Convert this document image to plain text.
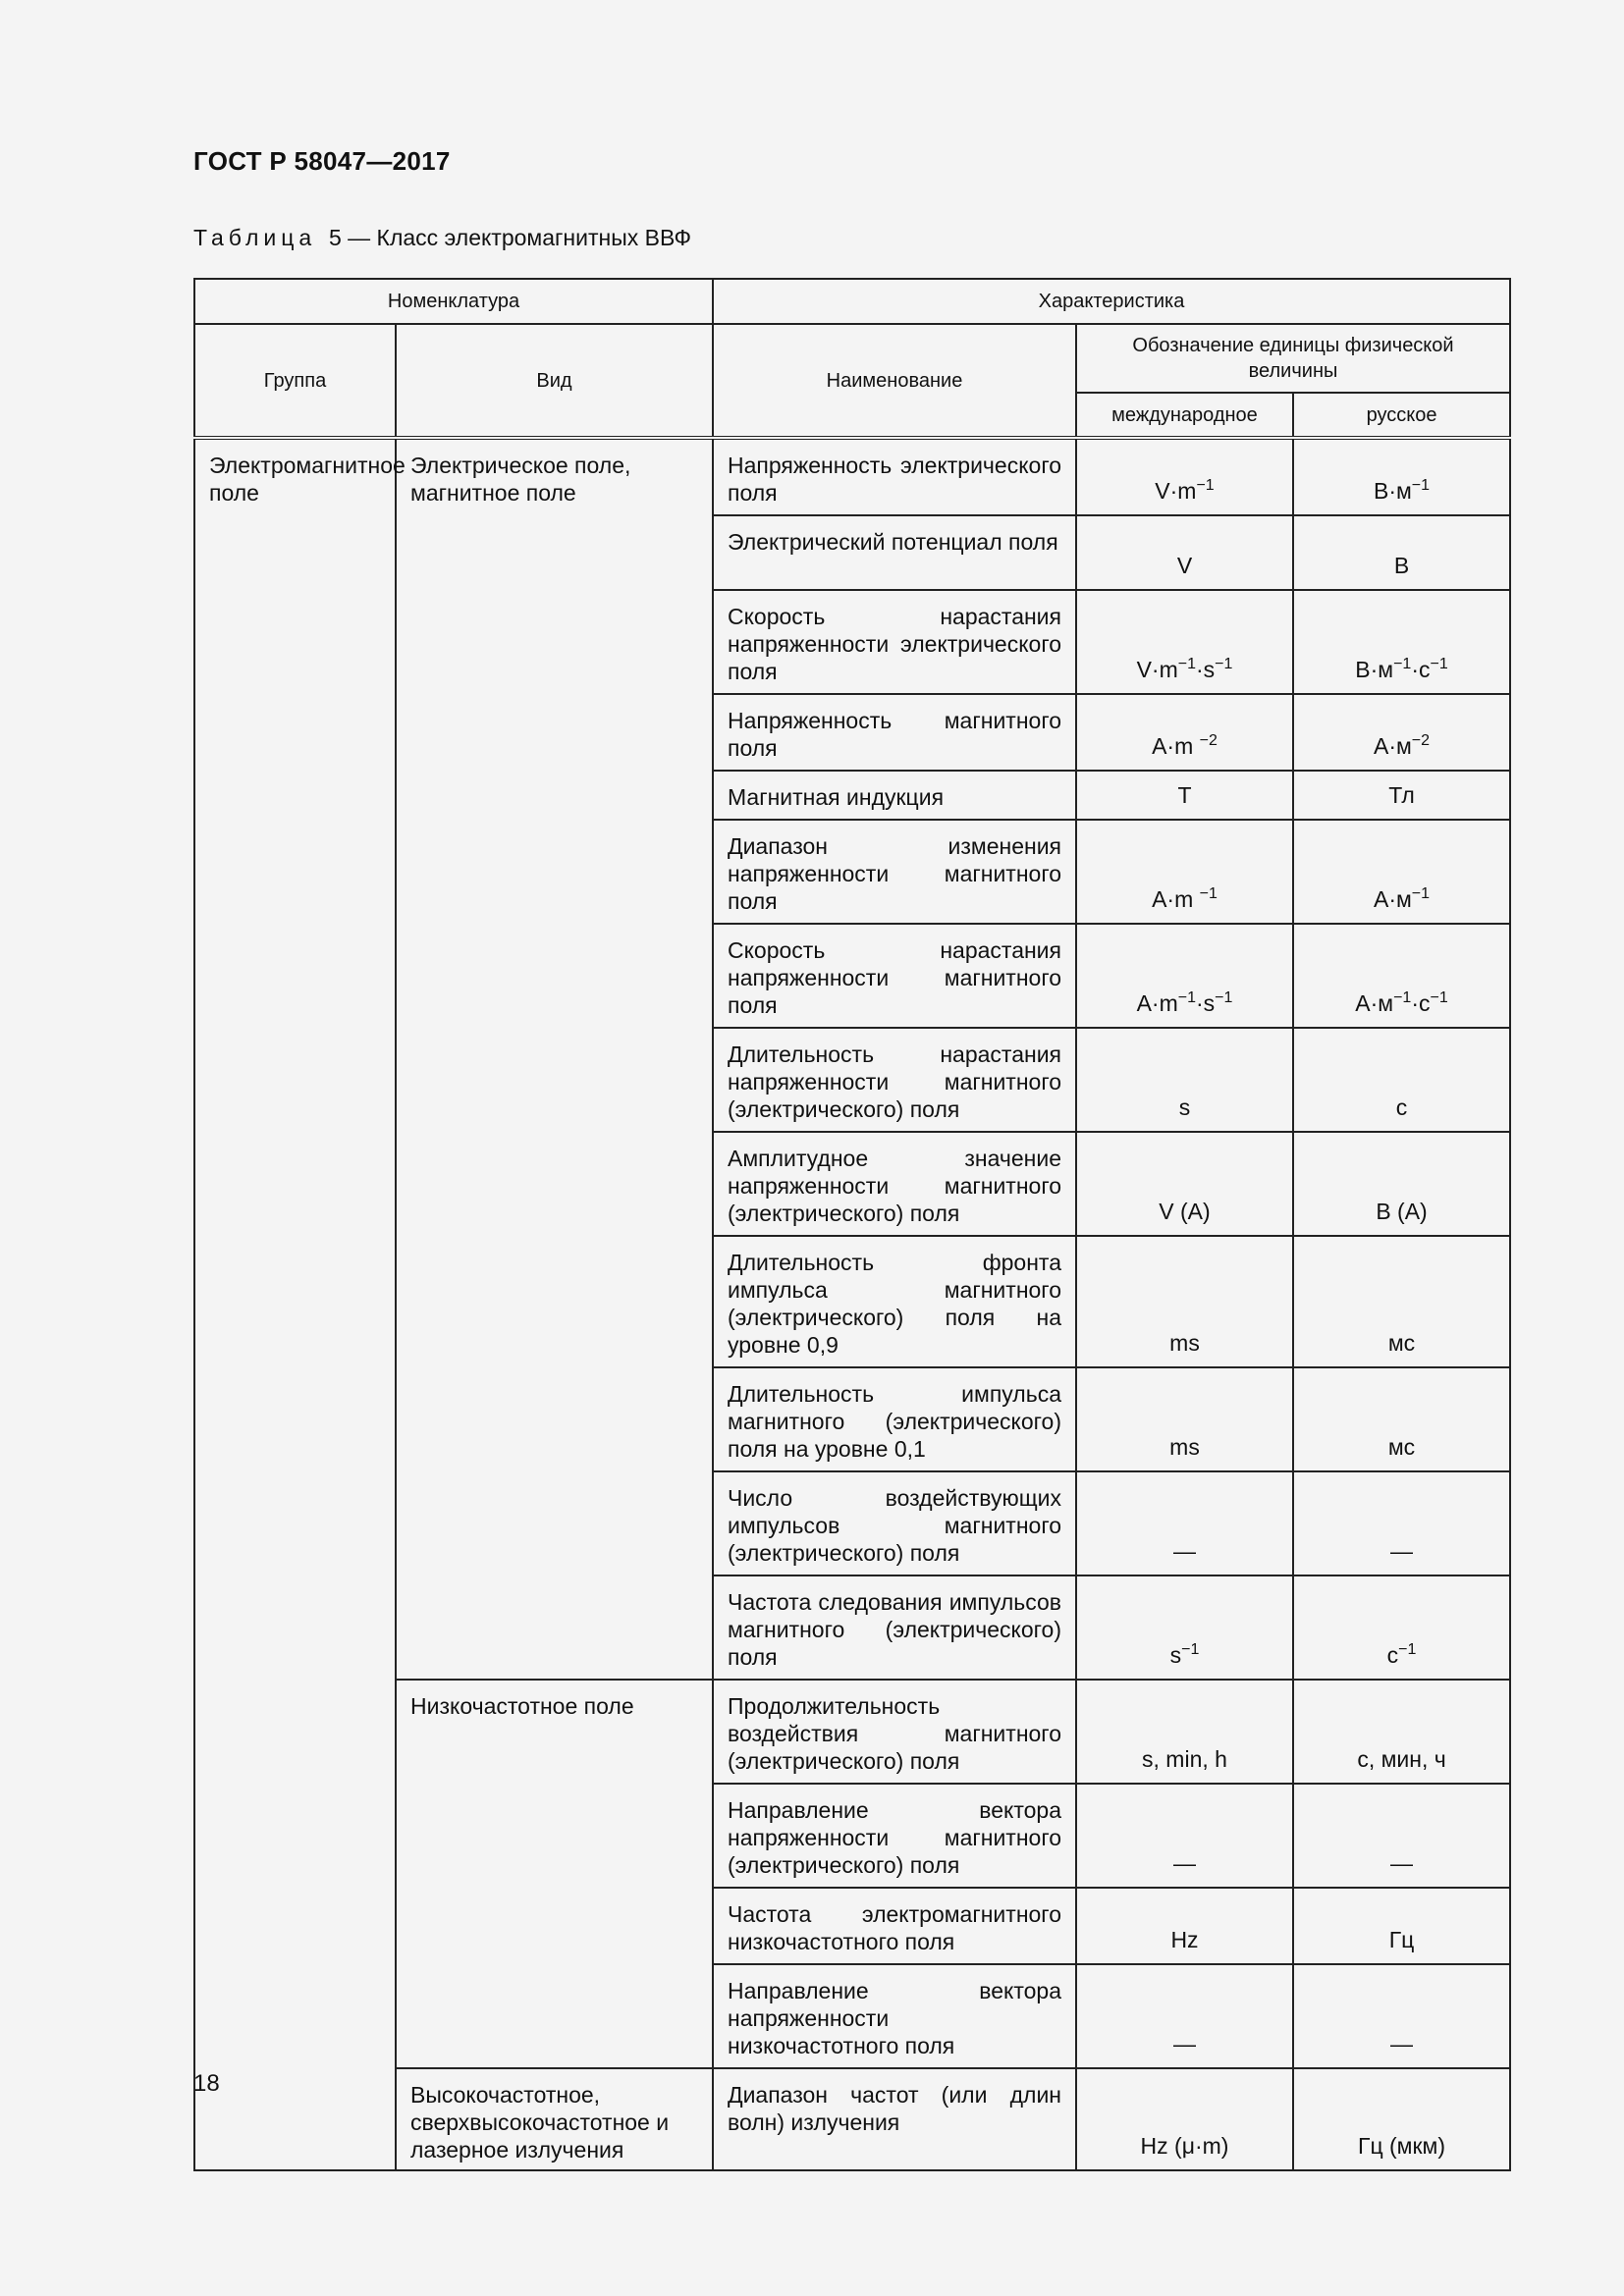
ГОСТ Р 58047—2017
Таблица 5 — Класс электромагнитных ВВФ
Номенклатура		Характеристика		
Группа	Вид	Наименование	Обозначение единицы физической величины	
			международное	русское
Электромагнитное поле	Электрическое поле, магнитное поле	Напряженность электрического поля	$V\cdot m^{-1}$	$В\cdot м^{-1}$
		Электрический потенциал поля	V	В
		Скорость нарастания напряженности электрического поля	$V\cdot m^{-1}\cdot s^{-1}$	$В\cdot м^{-1}\cdot с^{-1}$
		Напряженность магнитного поля	A·m $^{-2}$	$А\cdot м^{-2}$
		Магнитная индукция	T	Тл
		Диапазон изменения напряженности магнитного поля	A·m $^{-1}$	$А\cdot м^{-1}$
		Скорость нарастания напряженности магнитного поля	$A\cdot m^{-1}\cdot s^{-1}$	$А\cdot м^{-1}\cdot с^{-1}$
		Длительность нарастания напряженности магнитного (электрического) поля	s	с
		Амплитудное значение напряженности магнитного (электрического) поля	V (A)	В (А)
		Длительность фронта импульса магнитного (электрического) поля на уровне 0,9	ms	мс
		Длительность импульса магнитного (электрического) поля на уровне 0,1	ms	мс
		Число воздействующих импульсов магнитного (электрического) поля	—	—
		Частота следования импульсов магнитного (электрического) поля	$s^{-1}$	$с^{-1}$
	Низкочастотное поле	Продолжительность воздействия магнитного (электрического) поля	s, min, h	с, мин, ч
		Направление вектора напряженности магнитного (электрического) поля	—	—
		Частота электромагнитного низкочастотного поля	Hz	Гц
		Направление вектора напряженности низкочастотного поля	—	—
	Высокочастотное, сверхвысокочастотное и лазерное излучения	Диапазон частот (или длин волн) излучения	Hz (μ·m)	Гц (мкм)
18
